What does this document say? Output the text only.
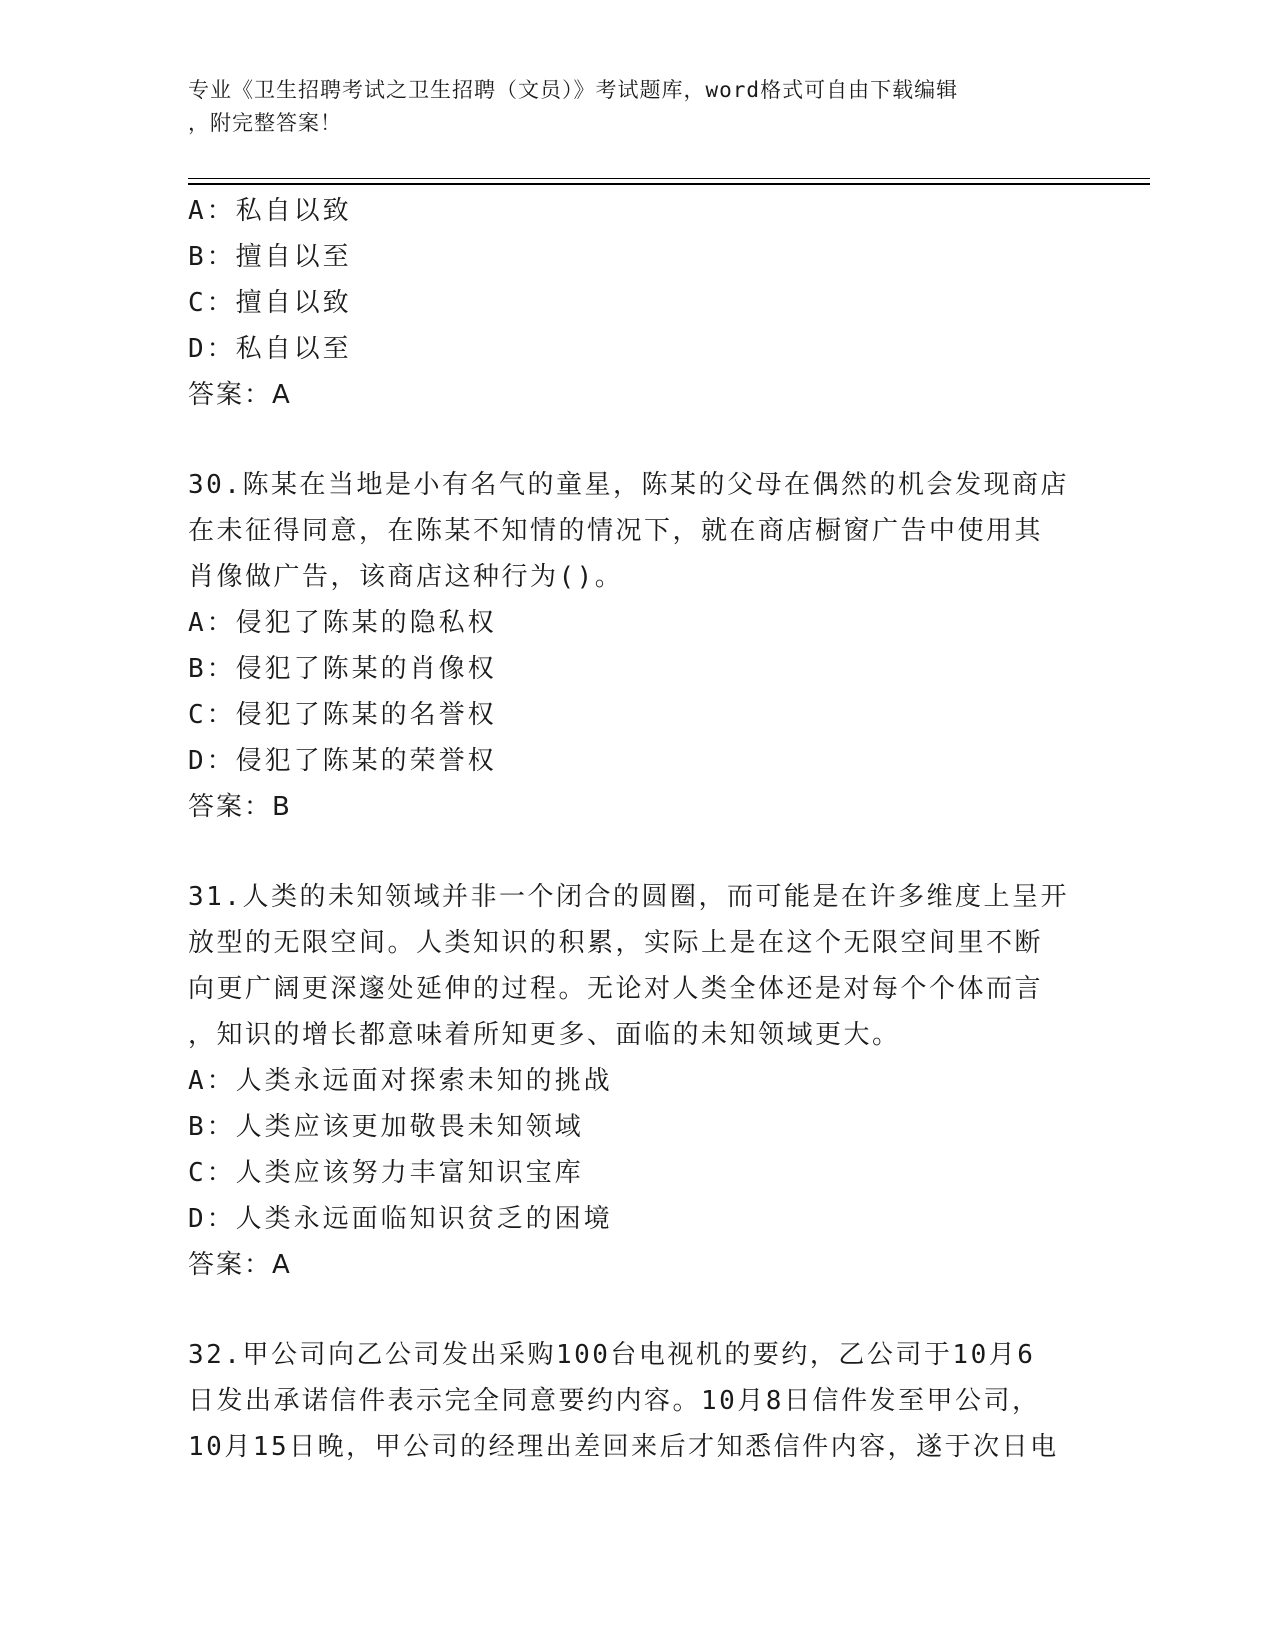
专业《卫生招聘考试之卫生招聘（文员）》考试题库，word格式可自由下载编辑
，附完整答案！
A：私自以致
B：擅自以至
C：擅自以致
D：私自以至
答案：A
30.陈某在当地是小有名气的童星，陈某的父母在偶然的机会发现商店
在未征得同意，在陈某不知情的情况下，就在商店橱窗广告中使用其
肖像做广告，该商店这种行为()。
A：侵犯了陈某的隐私权
B：侵犯了陈某的肖像权
C：侵犯了陈某的名誉权
D：侵犯了陈某的荣誉权
答案：B
31.人类的未知领域并非一个闭合的圆圈，而可能是在许多维度上呈开
放型的无限空间。人类知识的积累，实际上是在这个无限空间里不断
向更广阔更深邃处延伸的过程。无论对人类全体还是对每个个体而言
，知识的增长都意味着所知更多、面临的未知领域更大。
A：人类永远面对探索未知的挑战
B：人类应该更加敬畏未知领域
C：人类应该努力丰富知识宝库
D：人类永远面临知识贫乏的困境
答案：A
32.甲公司向乙公司发出采购100台电视机的要约，乙公司于10月6
日发出承诺信件表示完全同意要约内容。10月8日信件发至甲公司，
10月15日晚，甲公司的经理出差回来后才知悉信件内容，遂于次日电
